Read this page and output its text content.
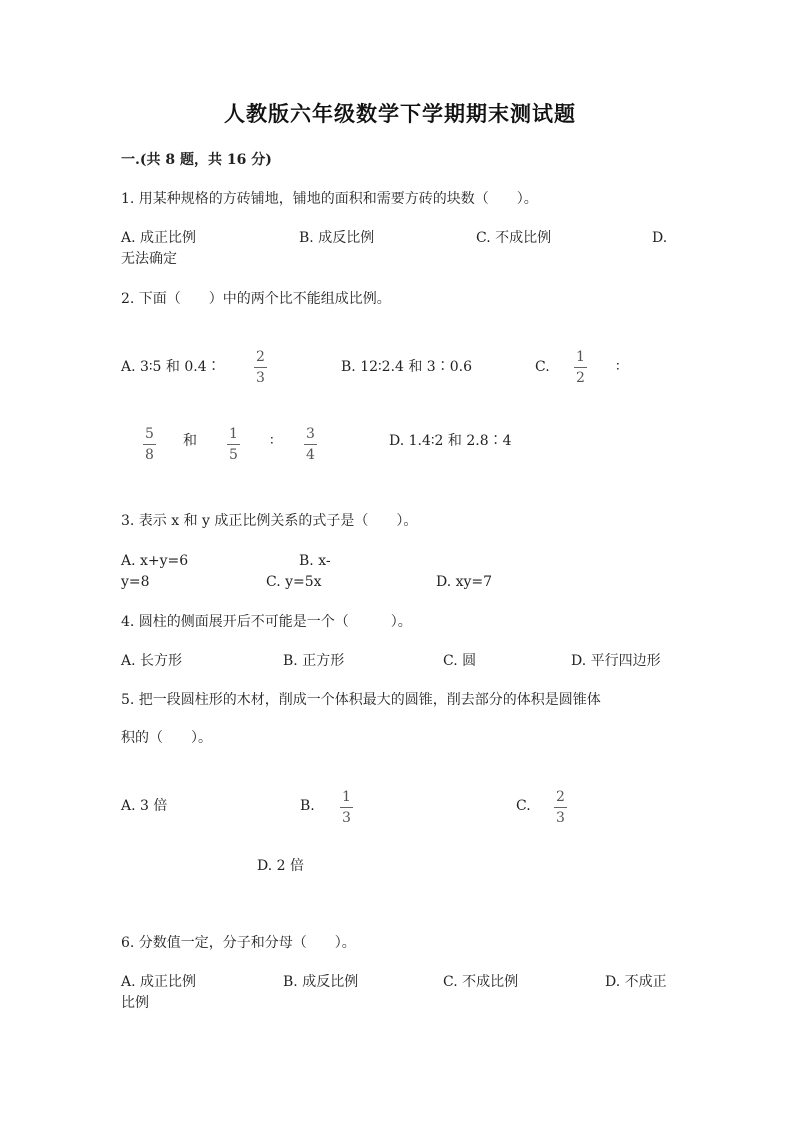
人教版六年级数学下学期期末测试题
一.(共 8 题，共 16 分)
1. 用某种规格的方砖铺地，铺地的面积和需要方砖的块数（　　）。
A. 成正比例	B. 成反比例	C. 不成比例	D.
无法确定
2. 下面（　　）中的两个比不能组成比例。
A. 3∶5 和 0.4∶
2
3
B. 12∶2.4 和 3∶0.6	C.
1
2
∶
5
8
和 1
5
∶ 3
4
D. 1.4∶2 和 2.8∶4
3. 表示 x 和 y 成正比例关系的式子是（　　）。
A. x+y=6	B. x-
y=8	C. y=5x	D. xy=7
4. 圆柱的侧面展开后不可能是一个（　　　）。
A. 长方形	B. 正方形	C. 圆	D. 平行四边形
5. 把一段圆柱形的木材，削成一个体积最大的圆锥，削去部分的体积是圆锥体
积的（　　）。
A. 3 倍	B.
1
3
C.
2
3
D. 2 倍
6. 分数值一定，分子和分母（　　）。
A. 成正比例	B. 成反比例	C. 不成比例	D. 不成正
比例
